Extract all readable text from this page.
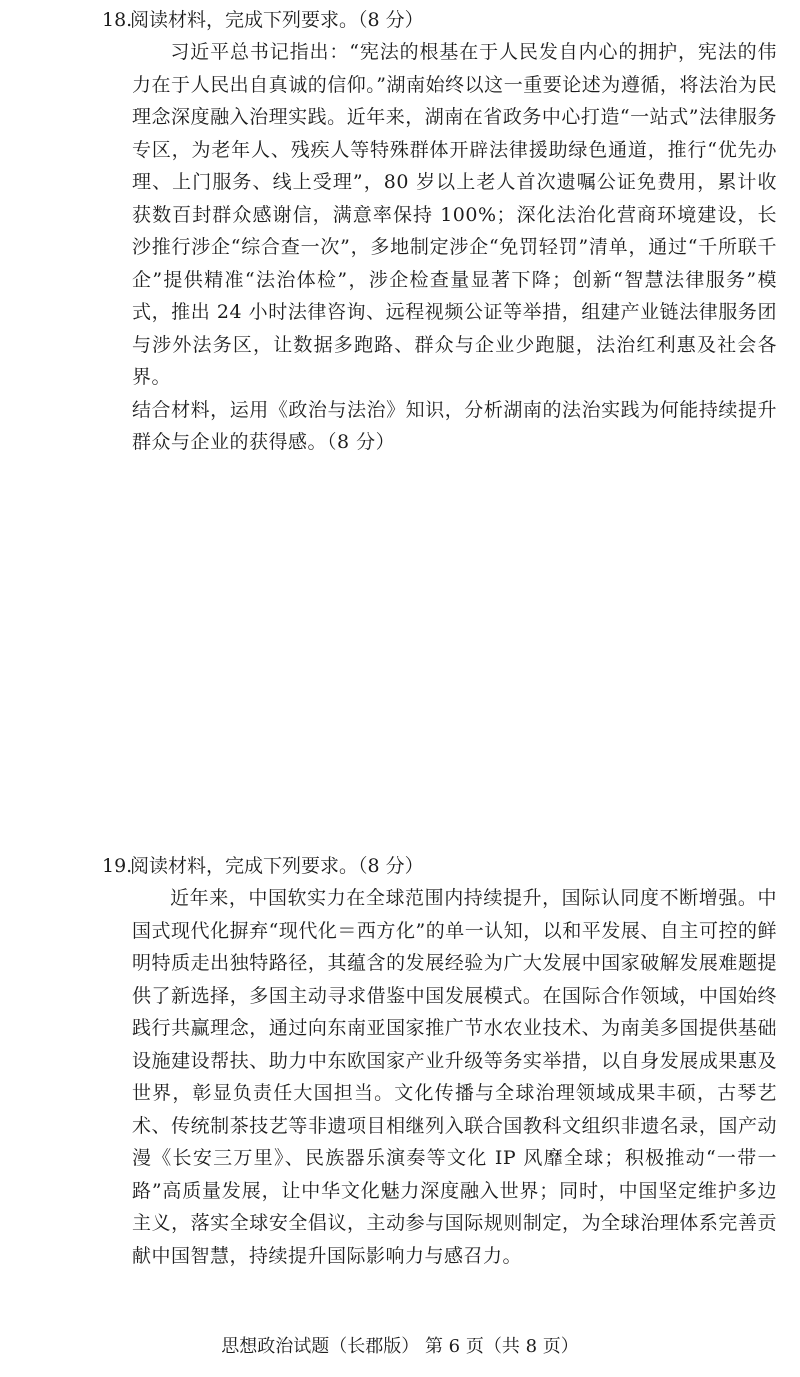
18.阅读材料，完成下列要求。（8 分）

习近平总书记指出：“宪法的根基在于人民发自内心的拥护，宪法的伟力在于人民出自真诚的信仰。”湖南始终以这一重要论述为遵循，将法治为民理念深度融入治理实践。近年来，湖南在省政务中心打造“一站式”法律服务专区，为老年人、残疾人等特殊群体开辟法律援助绿色通道，推行“优先办理、上门服务、线上受理”，80 岁以上老人首次遗嘱公证免费用，累计收获数百封群众感谢信，满意率保持 100%；深化法治化营商环境建设，长沙推行涉企“综合查一次”，多地制定涉企“免罚轻罚”清单，通过“千所联千企”提供精准“法治体检”，涉企检查量显著下降；创新“智慧法律服务”模式，推出 24 小时法律咨询、远程视频公证等举措，组建产业链法律服务团与涉外法务区，让数据多跑路、群众与企业少跑腿，法治红利惠及社会各界。

结合材料，运用《政治与法治》知识，分析湖南的法治实践为何能持续提升群众与企业的获得感。（8 分）

19.阅读材料，完成下列要求。（8 分）

近年来，中国软实力在全球范围内持续提升，国际认同度不断增强。中国式现代化摒弃“现代化＝西方化”的单一认知，以和平发展、自主可控的鲜明特质走出独特路径，其蕴含的发展经验为广大发展中国家破解发展难题提供了新选择，多国主动寻求借鉴中国发展模式。在国际合作领域，中国始终践行共赢理念，通过向东南亚国家推广节水农业技术、为南美多国提供基础设施建设帮扶、助力中东欧国家产业升级等务实举措，以自身发展成果惠及世界，彰显负责任大国担当。文化传播与全球治理领域成果丰硕，古琴艺术、传统制茶技艺等非遗项目相继列入联合国教科文组织非遗名录，国产动漫《长安三万里》、民族器乐演奏等文化 IP 风靡全球；积极推动“一带一路”高质量发展，让中华文化魅力深度融入世界；同时，中国坚定维护多边主义，落实全球安全倡议，主动参与国际规则制定，为全球治理体系完善贡献中国智慧，持续提升国际影响力与感召力。

思想政治试题（长郡版） 第 6 页（共 8 页）
